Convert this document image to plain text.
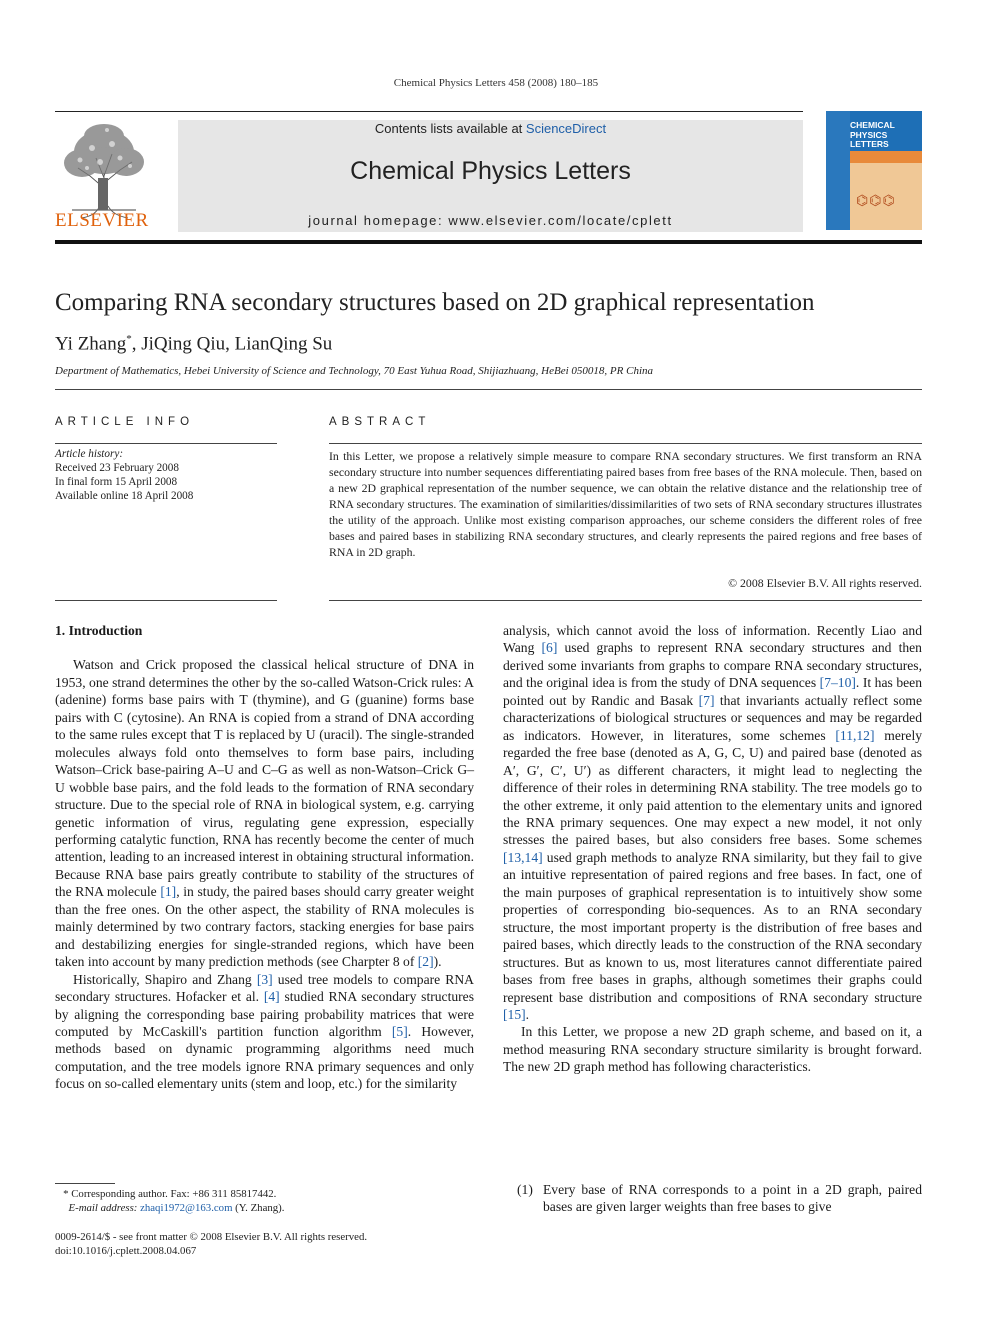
Chemical Physics Letters 458 (2008) 180–185
ELSEVIER
Contents lists available at ScienceDirect
Chemical Physics Letters
journal homepage: www.elsevier.com/locate/cplett
CHEMICAL
PHYSICS
LETTERS
⌬⌬⌬
Comparing RNA secondary structures based on 2D graphical representation
Yi Zhang*, JiQing Qiu, LianQing Su
Department of Mathematics, Hebei University of Science and Technology, 70 East Yuhua Road, Shijiazhuang, HeBei 050018, PR China
ARTICLE INFO
Article history:
Received 23 February 2008
In final form 15 April 2008
Available online 18 April 2008
ABSTRACT
In this Letter, we propose a relatively simple measure to compare RNA secondary structures. We first transform an RNA secondary structure into number sequences differentiating paired bases from free bases of the RNA molecule. Then, based on a new 2D graphical representation of the number sequence, we can obtain the relative distance and the relationship tree of RNA secondary structures. The examination of similarities/dissimilarities of two sets of RNA secondary structures illustrates the utility of the approach. Unlike most existing comparison approaches, our scheme considers the different roles of free bases and paired bases in stabilizing RNA secondary structures, and clearly represents the paired regions and free bases of RNA in 2D graph.
© 2008 Elsevier B.V. All rights reserved.
1. Introduction

Watson and Crick proposed the classical helical structure of DNA in 1953, one strand determines the other by the so-called Watson-Crick rules: A (adenine) forms base pairs with T (thymine), and G (guanine) forms base pairs with C (cytosine). An RNA is copied from a strand of DNA according to the same rules except that T is replaced by U (uracil). The single-stranded molecules always fold onto themselves to form base pairs, including Watson–Crick base-pairing A–U and C–G as well as non-Watson–Crick G–U wobble base pairs, and the fold leads to the formation of RNA secondary structure. Due to the special role of RNA in biological system, e.g. carrying genetic information of virus, regulating gene expression, especially performing catalytic function, RNA has recently become the center of much attention, leading to an increased interest in obtaining structural information. Because RNA base pairs greatly contribute to stability of the structures of the RNA molecule [1], in study, the paired bases should carry greater weight than the free ones. On the other aspect, the stability of RNA molecules is mainly determined by two contrary factors, stacking energies for base pairs and destabilizing energies for single-stranded regions, which have been taken into account by many prediction methods (see Charpter 8 of [2]).

Historically, Shapiro and Zhang [3] used tree models to compare RNA secondary structures. Hofacker et al. [4] studied RNA secondary structures by aligning the corresponding base pairing probability matrices that were computed by McCaskill's partition function algorithm [5]. However, methods based on dynamic programming algorithms need much computation, and the tree models ignore RNA primary sequences and only focus on so-called elementary units (stem and loop, etc.) for the similarity

analysis, which cannot avoid the loss of information. Recently Liao and Wang [6] used graphs to represent RNA secondary structures and then derived some invariants from graphs to compare RNA secondary structures, and the original idea is from the study of DNA sequences [7–10]. It has been pointed out by Randic and Basak [7] that invariants actually reflect some characterizations of biological structures or sequences and may be regarded as indicators. However, in literatures, some schemes [11,12] merely regarded the free base (denoted as A, G, C, U) and paired base (denoted as A′, G′, C′, U′) as different characters, it might lead to neglecting the difference of their roles in determining RNA stability. The tree models go to the other extreme, it only paid attention to the elementary units and ignored the RNA primary sequences. One may expect a new model, it not only stresses the paired bases, but also considers free bases. Some schemes [13,14] used graph methods to analyze RNA similarity, but they fail to give an intuitive representation of paired regions and free bases. In fact, one of the main purposes of graphical representation is to intuitively show some properties of corresponding bio-sequences. As to an RNA secondary structure, the most important property is the distribution of free bases and paired bases, which directly leads to the construction of the RNA secondary structures. But as known to us, most literatures cannot differentiate paired bases from free bases in graphs, although sometimes their graphs could represent base distribution and compositions of RNA secondary structure [15].

In this Letter, we propose a new 2D graph scheme, and based on it, a method measuring RNA secondary structure similarity is brought forward. The new 2D graph method has following characteristics.

(1) Every base of RNA corresponds to a point in a 2D graph, paired bases are given larger weights than free bases to give
* Corresponding author. Fax: +86 311 85817442.
E-mail address: zhaqi1972@163.com (Y. Zhang).
0009-2614/$ - see front matter © 2008 Elsevier B.V. All rights reserved.
doi:10.1016/j.cplett.2008.04.067
